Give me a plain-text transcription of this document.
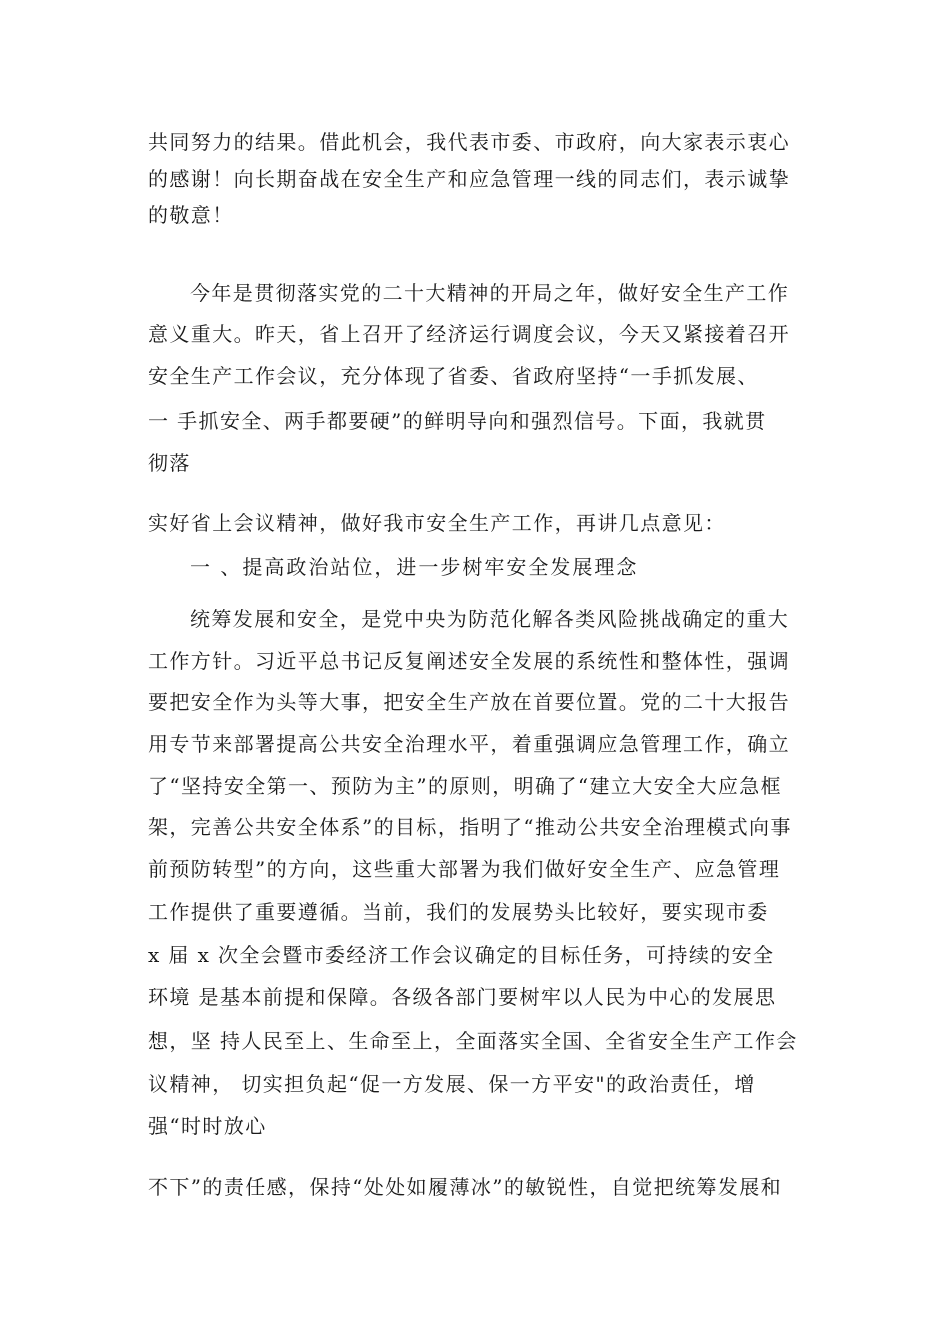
共同努力的结果。借此机会，我代表市委、市政府，向大家表示衷心
的感谢！向长期奋战在安全生产和应急管理一线的同志们，表示诚挚
的敬意！
今年是贯彻落实党的二十大精神的开局之年，做好安全生产工作
意义重大。昨天，省上召开了经济运行调度会议，今天又紧接着召开
安全生产工作会议，充分体现了省委、省政府坚持“一手抓发展、
一 手抓安全、两手都要硬”的鲜明导向和强烈信号。下面，我就贯
彻落
实好省上会议精神，做好我市安全生产工作，再讲几点意见：
一 、提高政治站位，进一步树牢安全发展理念
统筹发展和安全，是党中央为防范化解各类风险挑战确定的重大
工作方针。习近平总书记反复阐述安全发展的系统性和整体性，强调
要把安全作为头等大事，把安全生产放在首要位置。党的二十大报告
用专节来部署提高公共安全治理水平，着重强调应急管理工作，确立
了“坚持安全第一、预防为主”的原则，明确了“建立大安全大应急框
架，完善公共安全体系”的目标，指明了“推动公共安全治理模式向事
前预防转型”的方向，这些重大部署为我们做好安全生产、应急管理
工作提供了重要遵循。当前，我们的发展势头比较好，要实现市委
x 届 x 次全会暨市委经济工作会议确定的目标任务，可持续的安全
环境 是基本前提和保障。各级各部门要树牢以人民为中心的发展思
想，坚 持人民至上、生命至上，全面落实全国、全省安全生产工作会
议精神， 切实担负起“促一方发展、保一方平安"的政治责任，增
强“时时放心
不下”的责任感，保持“处处如履薄冰”的敏锐性，自觉把统筹发展和
